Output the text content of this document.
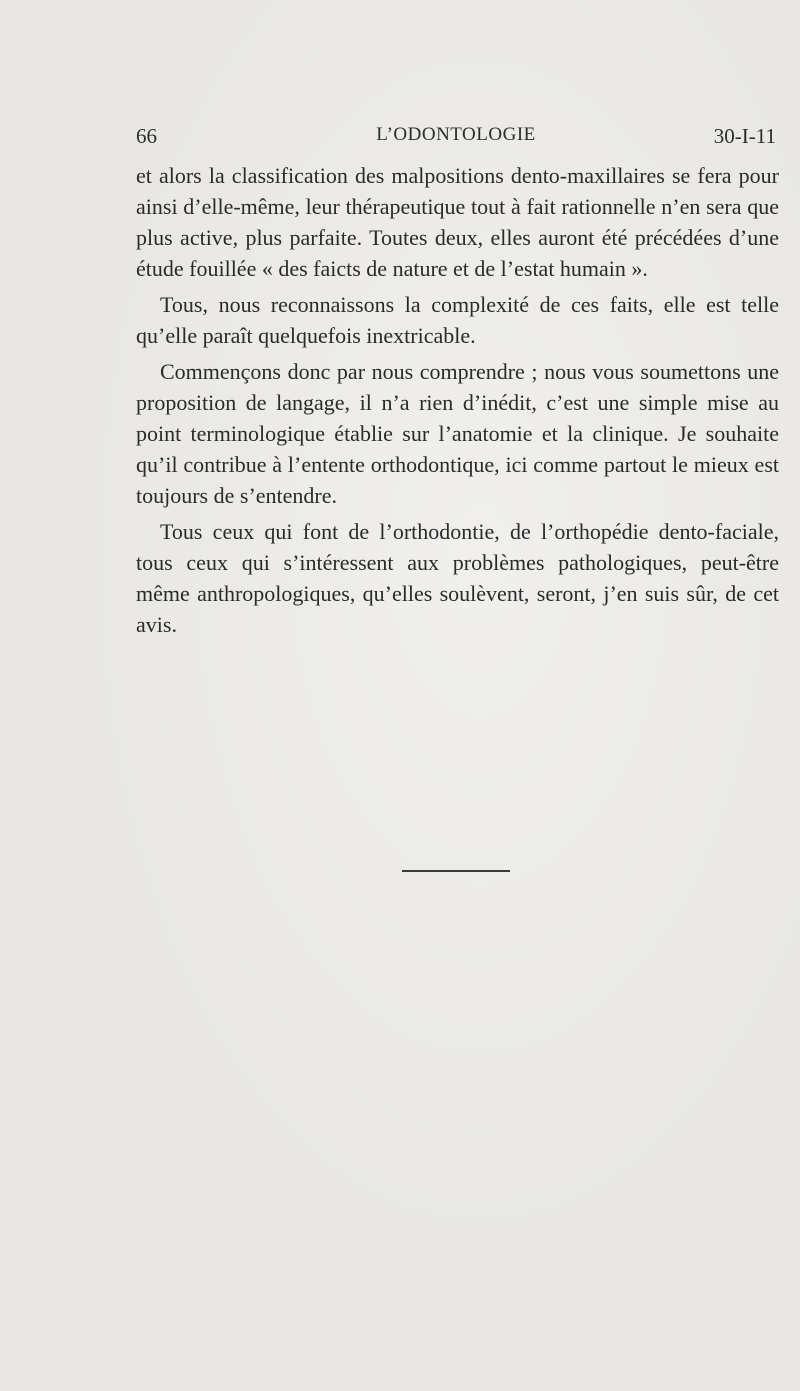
66	L’ODONTOLOGIE	30-I-11

et alors la classification des malpositions dento-maxillaires se fera pour ainsi d’elle-même, leur thérapeutique tout à fait rationnelle n’en sera que plus active, plus parfaite. Toutes deux, elles auront été précédées d’une étude fouillée « des faicts de nature et de l’estat humain ».

Tous, nous reconnaissons la complexité de ces faits, elle est telle qu’elle paraît quelquefois inextricable.

Commençons donc par nous comprendre ; nous vous soumettons une proposition de langage, il n’a rien d’inédit, c’est une simple mise au point terminologique établie sur l’anatomie et la clinique. Je souhaite qu’il contribue à l’entente orthodontique, ici comme partout le mieux est toujours de s’entendre.

Tous ceux qui font de l’orthodontie, de l’orthopédie dento-faciale, tous ceux qui s’intéressent aux problèmes pathologiques, peut-être même anthropologiques, qu’elles soulèvent, seront, j’en suis sûr, de cet avis.
